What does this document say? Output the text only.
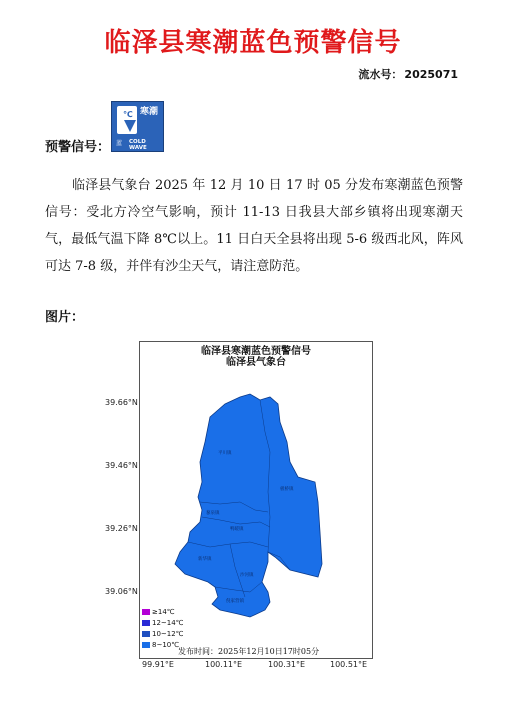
临泽县寒潮蓝色预警信号
流水号： 2025071
预警信号：
℃ 寒潮
蓝 COLD WAVE

临泽县气象台 2025 年 12 月 10 日 17 时 05 分发布寒潮蓝色预警信号：受北方冷空气影响，预计 11-13 日我县大部乡镇将出现寒潮天气，最低气温下降 8℃以上。11 日白天全县将出现 5-6 级西北风，阵风可达 7-8 级，并伴有沙尘天气，请注意防范。

图片：
39.66°N
39.46°N
39.26°N
39.06°N
99.91°E	100.11°E	100.31°E	100.51°E
临泽县寒潮蓝色预警信号
临泽县气象台
平川镇
板桥镇
蓼泉镇
鸭暖镇
新华镇
沙河镇
倪家营镇
≥14℃
12~14℃
10~12℃
8~10℃
发布时间：2025年12月10日17时05分
